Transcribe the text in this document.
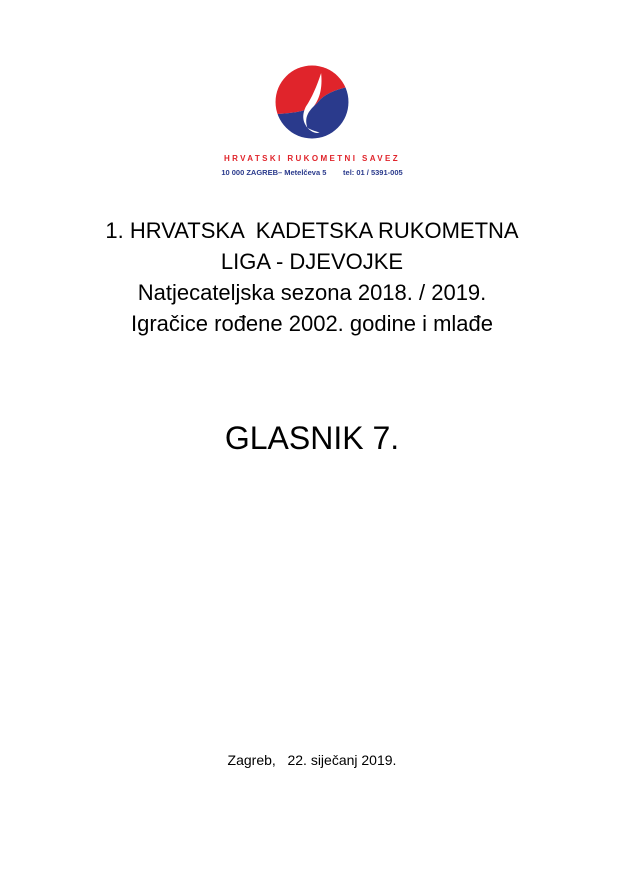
HRVATSKI RUKOMETNI SAVEZ
10 000 ZAGREB– Metelčeva 5        tel: 01 / 5391-005
1. HRVATSKA  KADETSKA RUKOMETNA
LIGA - DJEVOJKE
Natjecateljska sezona 2018. / 2019.
Igračice rođene 2002. godine i mlađe
GLASNIK 7.
Zagreb,   22. siječanj 2019.
